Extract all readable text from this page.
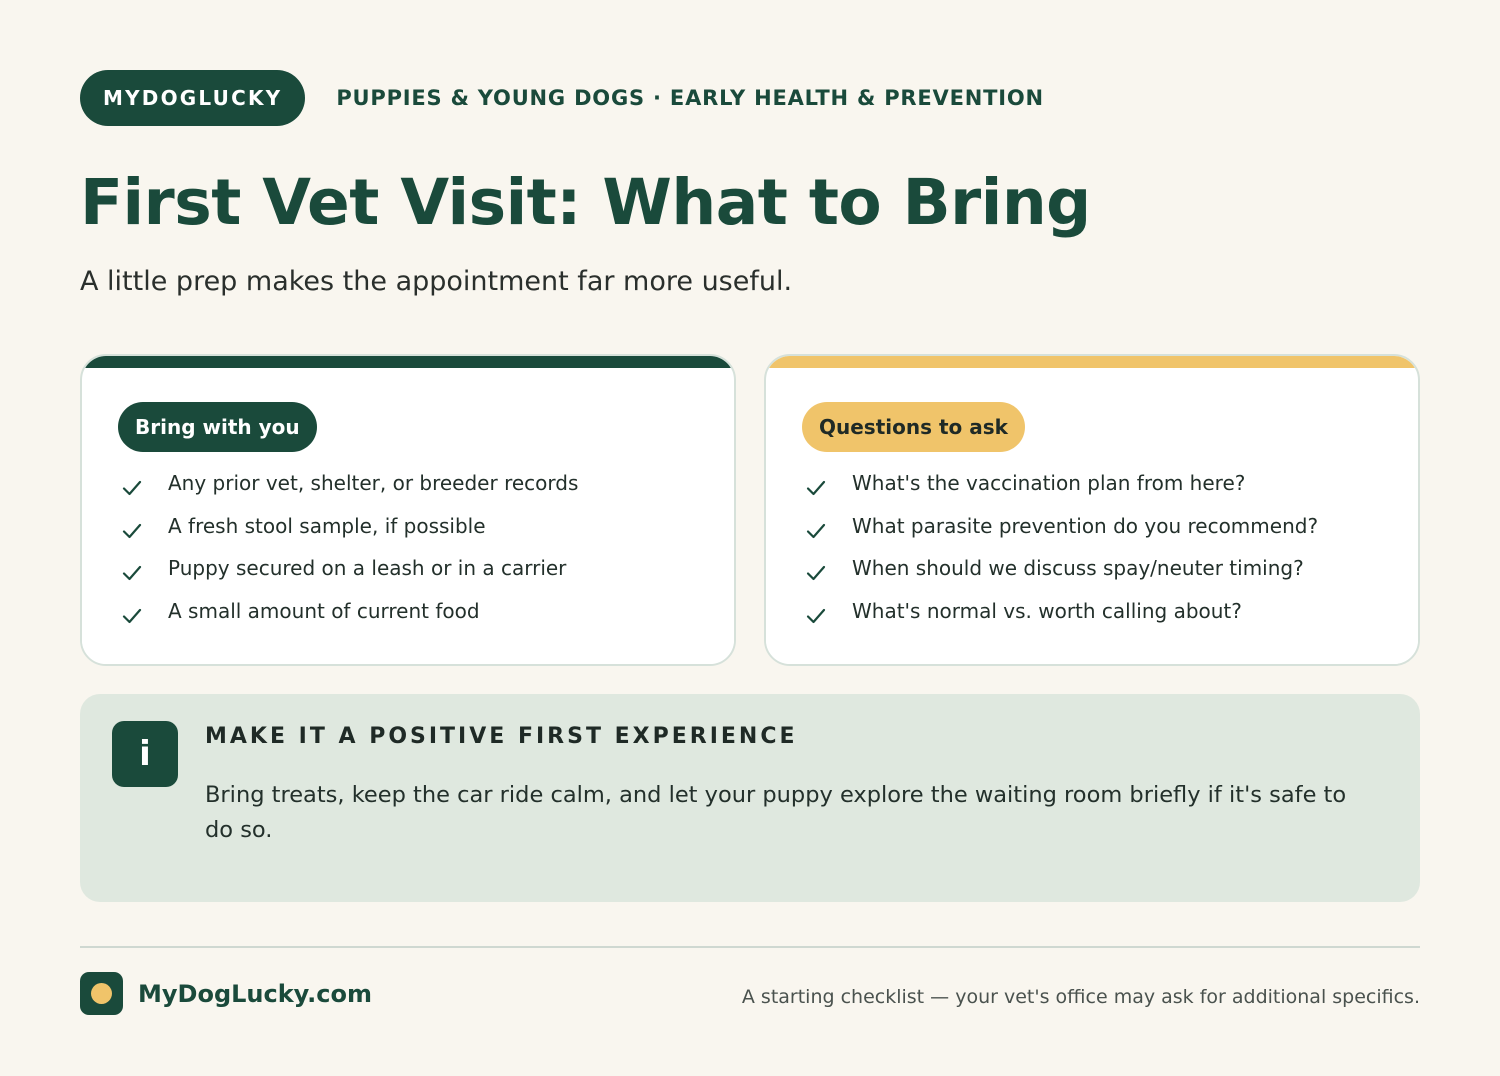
MYDOGLUCKY	PUPPIES & YOUNG DOGS · EARLY HEALTH & PREVENTION
First Vet Visit: What to Bring

A little prep makes the appointment far more useful.

Bring with you
Any prior vet, shelter, or breeder records
A fresh stool sample, if possible
Puppy secured on a leash or in a carrier
A small amount of current food
Questions to ask
What's the vaccination plan from here?
What parasite prevention do you recommend?
When should we discuss spay/neuter timing?
What's normal vs. worth calling about?
i	MAKE IT A POSITIVE FIRST EXPERIENCE

Bring treats, keep the car ride calm, and let your puppy explore the waiting room briefly if it's safe to do so.

MyDogLucky.com	A starting checklist — your vet's office may ask for additional specifics.
